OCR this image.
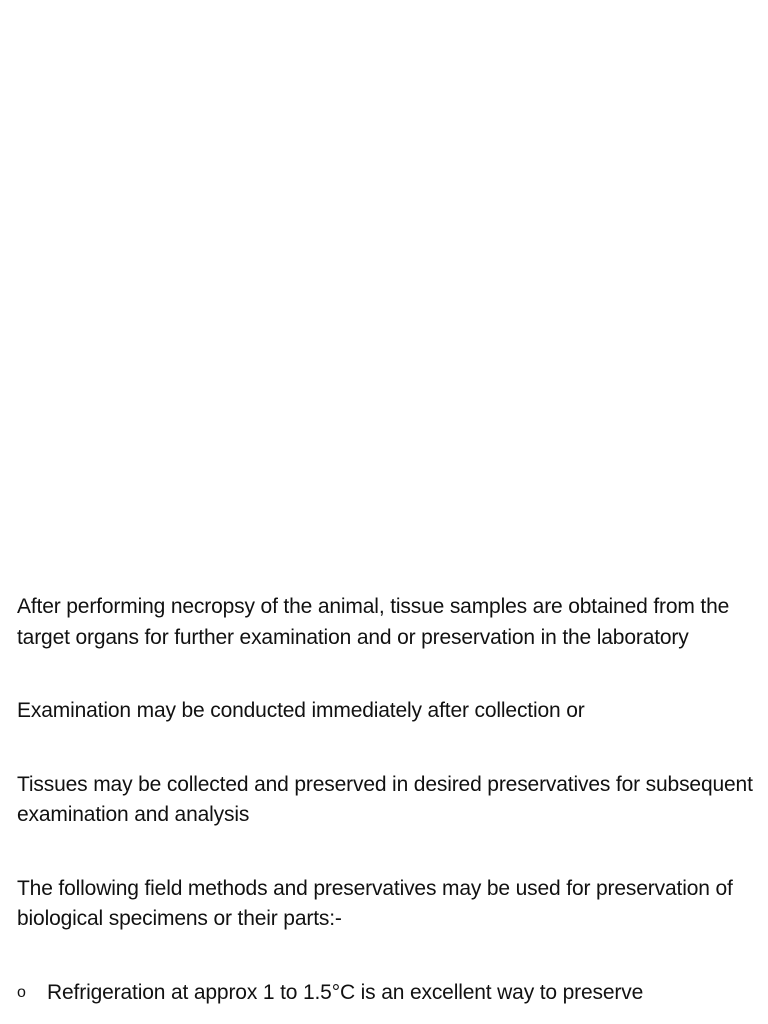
After performing necropsy of the animal, tissue samples are obtained from the target organs for further examination and or preservation in the laboratory

Examination may be conducted immediately after collection or

Tissues may be collected and preserved in desired preservatives for subsequent examination and analysis

The following field methods and preservatives may be used for preservation of biological specimens or their parts:-

o Refrigeration at approx 1 to 1.5°C is an excellent way to preserve
